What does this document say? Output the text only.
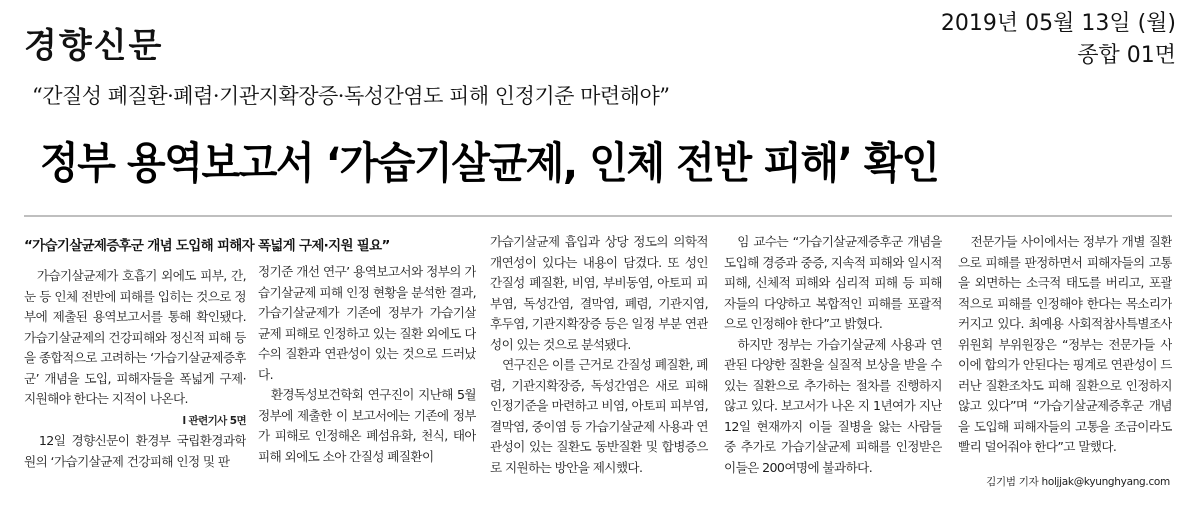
경향신문
2019년 05월 13일 (월)
종합 01면
“간질성 폐질환·폐렴·기관지확장증·독성간염도 피해 인정기준 마련해야”
정부 용역보고서 ‘가습기살균제, 인체 전반 피해’ 확인
“가습기살균제증후군 개념 도입해 피해자 폭넓게 구제·지원 필요”

　가습기살균제가 호흡기 외에도 피부, 간, 눈 등 인체 전반에 피해를 입히는 것으로 정부에 제출된 용역보고서를 통해 확인됐다. 가습기살균제의 건강피해와 정신적 피해 등을 종합적으로 고려하는 ‘가습기살균제증후군’ 개념을 도입, 피해자들을 폭넓게 구제·지원해야 한다는 지적이 나온다.

l 관련기사 5면

　12일 경향신문이 환경부 국립환경과학원의 ‘가습기살균제 건강피해 인정 및 판

정기준 개선 연구’ 용역보고서와 정부의 가습기살균제 피해 인정 현황을 분석한 결과, 가습기살균제가 기존에 정부가 가습기살균제 피해로 인정하고 있는 질환 외에도 다수의 질환과 연관성이 있는 것으로 드러났다.

　환경독성보건학회 연구진이 지난해 5월 정부에 제출한 이 보고서에는 기존에 정부가 피해로 인정해온 폐섬유화, 천식, 태아 피해 외에도 소아 간질성 폐질환이

가습기살균제 흡입과 상당 정도의 의학적 개연성이 있다는 내용이 담겼다. 또 성인 간질성 폐질환, 비염, 부비동염, 아토피 피부염, 독성간염, 결막염, 폐렴, 기관지염, 후두염, 기관지확장증 등은 일정 부분 연관성이 있는 것으로 분석됐다.

　연구진은 이를 근거로 간질성 폐질환, 폐렴, 기관지확장증, 독성간염은 새로 피해 인정기준을 마련하고 비염, 아토피 피부염, 결막염, 중이염 등 가습기살균제 사용과 연관성이 있는 질환도 동반질환 및 합병증으로 지원하는 방안을 제시했다.

　임 교수는 “가습기살균제증후군 개념을 도입해 경증과 중증, 지속적 피해와 일시적 피해, 신체적 피해와 심리적 피해 등 피해자들의 다양하고 복합적인 피해를 포괄적으로 인정해야 한다”고 밝혔다.

　하지만 정부는 가습기살균제 사용과 연관된 다양한 질환을 실질적 보상을 받을 수 있는 질환으로 추가하는 절차를 진행하지 않고 있다. 보고서가 나온 지 1년여가 지난 12일 현재까지 이들 질병을 앓는 사람들 중 추가로 가습기살균제 피해를 인정받은 이들은 200여명에 불과하다.

　전문가들 사이에서는 정부가 개별 질환으로 피해를 판정하면서 피해자들의 고통을 외면하는 소극적 태도를 버리고, 포괄적으로 피해를 인정해야 한다는 목소리가 커지고 있다. 최예용 사회적참사특별조사위원회 부위원장은 “정부는 전문가들 사이에 합의가 안된다는 핑계로 연관성이 드러난 질환조차도 피해 질환으로 인정하지 않고 있다”며 “가습기살균제증후군 개념을 도입해 피해자들의 고통을 조금이라도 빨리 덜어줘야 한다”고 말했다.

김기범 기자 holjjak@kyunghyang.com
